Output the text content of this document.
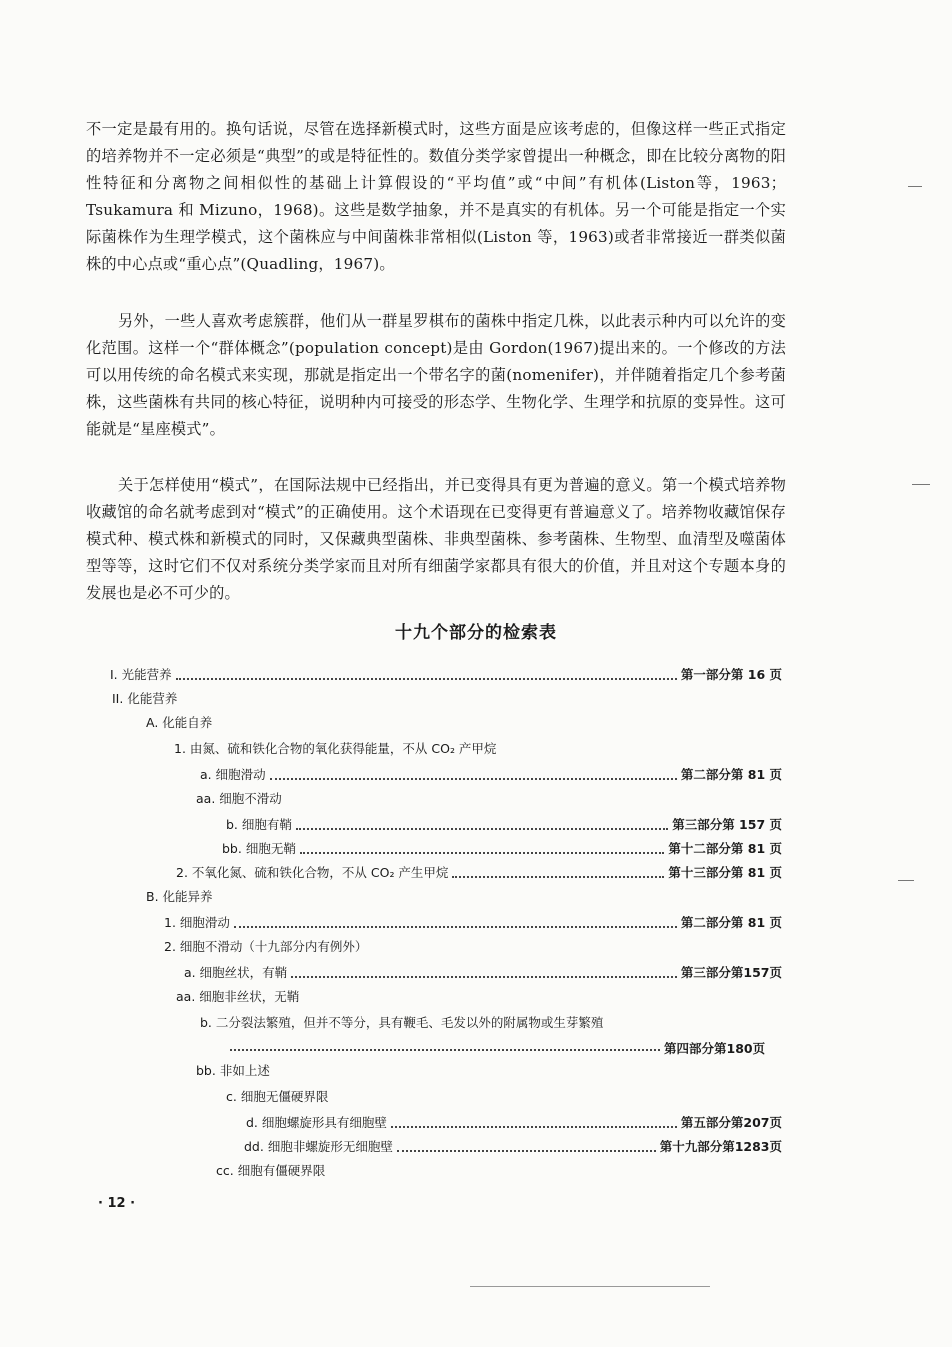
不一定是最有用的。换句话说，尽管在选择新模式时，这些方面是应该考虑的，但像这样一些正式指定的培养物并不一定必须是“典型”的或是特征性的。数值分类学家曾提出一种概念，即在比较分离物的阳性特征和分离物之间相似性的基础上计算假设的“平均值”或“中间”有机体(Liston等，1963；Tsukamura 和 Mizuno，1968)。这些是数学抽象，并不是真实的有机体。另一个可能是指定一个实际菌株作为生理学模式，这个菌株应与中间菌株非常相似(Liston 等，1963)或者非常接近一群类似菌株的中心点或“重心点”(Quadling，1967)。

另外，一些人喜欢考虑簇群，他们从一群星罗棋布的菌株中指定几株，以此表示种内可以允许的变化范围。这样一个“群体概念”(population concept)是由 Gordon(1967)提出来的。一个修改的方法可以用传统的命名模式来实现，那就是指定出一个带名字的菌(nomenifer)，并伴随着指定几个参考菌株，这些菌株有共同的核心特征，说明种内可接受的形态学、生物化学、生理学和抗原的变异性。这可能就是“星座模式”。

关于怎样使用“模式”，在国际法规中已经指出，并已变得具有更为普遍的意义。第一个模式培养物收藏馆的命名就考虑到对“模式”的正确使用。这个术语现在已变得更有普遍意义了。培养物收藏馆保存模式种、模式株和新模式的同时，又保藏典型菌株、非典型菌株、参考菌株、生物型、血清型及噬菌体型等等，这时它们不仅对系统分类学家而且对所有细菌学家都具有很大的价值，并且对这个专题本身的发展也是必不可少的。

十九个部分的检索表
I. 光能营养	第一部分第 16 页
II. 化能营养
A. 化能自养
1. 由氮、硫和铁化合物的氧化获得能量，不从 CO₂ 产甲烷
a. 细胞滑动	第二部分第 81 页
aa. 细胞不滑动
b. 细胞有鞘	第三部分第 157 页
bb. 细胞无鞘	第十二部分第 81 页
2. 不氧化氮、硫和铁化合物，不从 CO₂ 产生甲烷	第十三部分第 81 页
B. 化能异养
1. 细胞滑动	第二部分第 81 页
2. 细胞不滑动（十九部分内有例外）
a. 细胞丝状，有鞘	第三部分第157页
aa. 细胞非丝状，无鞘
b. 二分裂法繁殖，但并不等分，具有鞭毛、毛发以外的附属物或生芽繁殖
第四部分第180页
bb. 非如上述
c. 细胞无僵硬界限
d. 细胞螺旋形具有细胞壁	第五部分第207页
dd. 细胞非螺旋形无细胞壁	第十九部分第1283页
cc. 细胞有僵硬界限
· 12 ·
